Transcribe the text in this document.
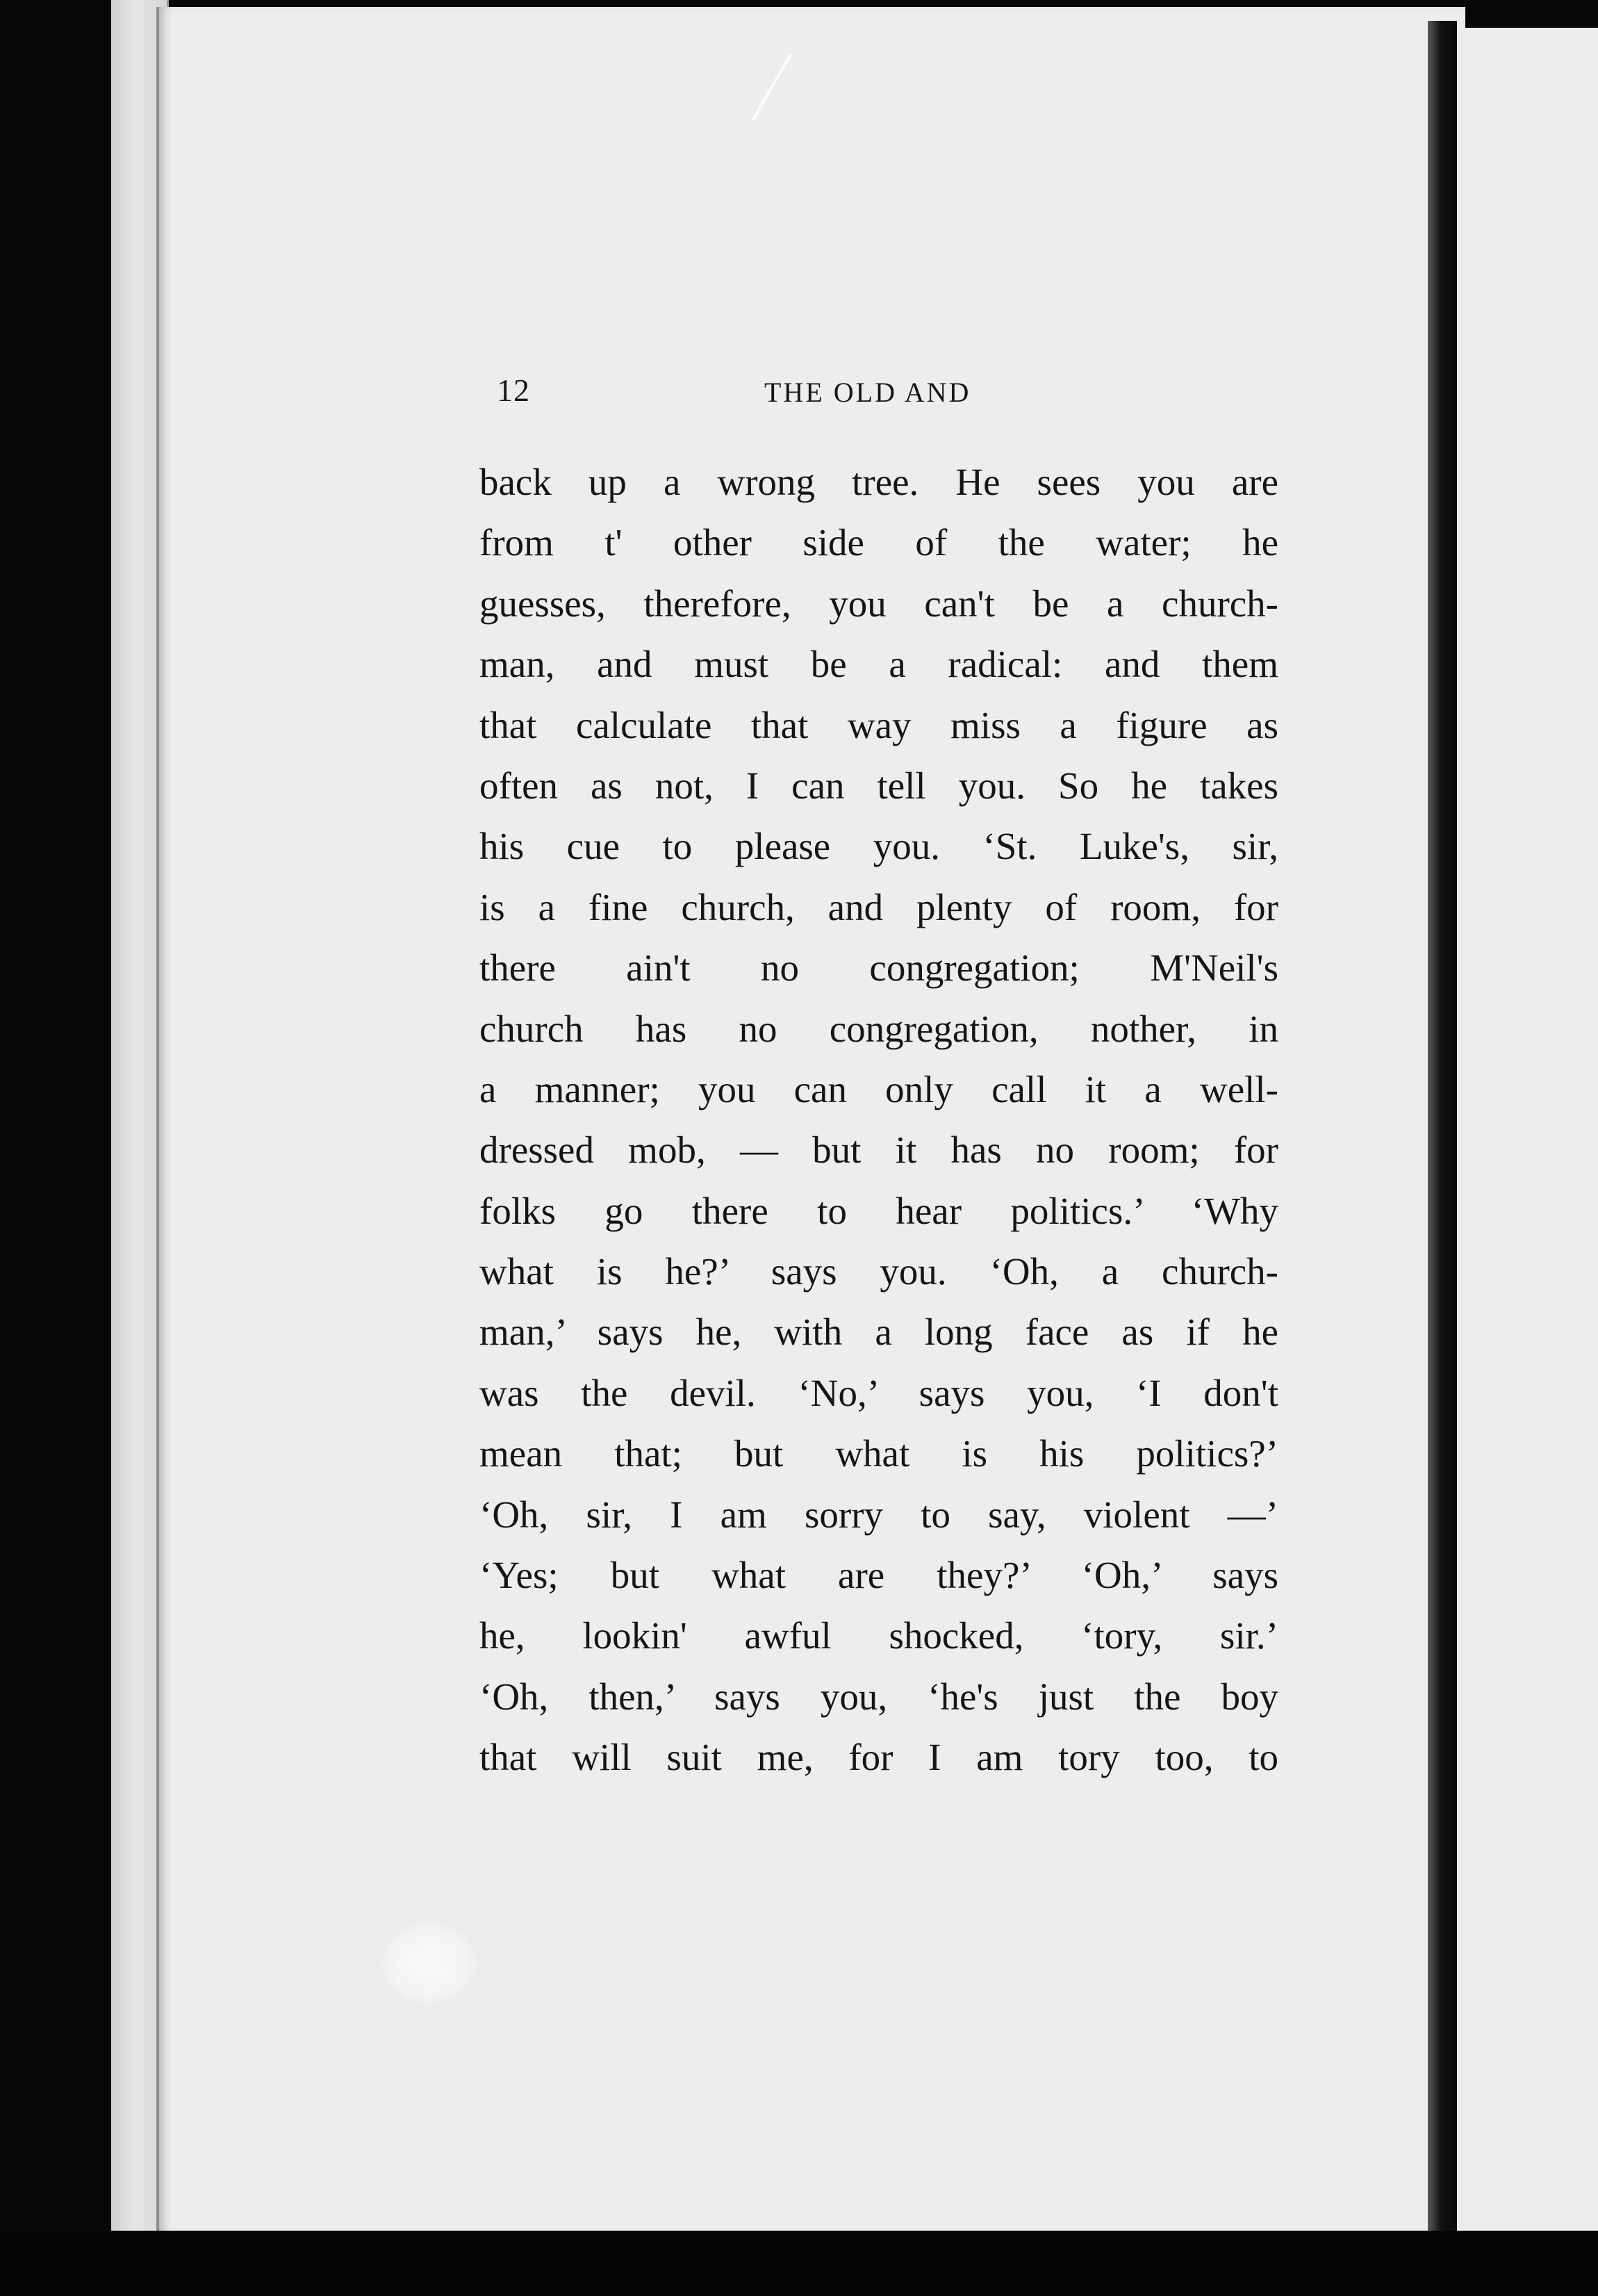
12	THE OLD AND
back up a wrong tree. He sees you are
from t' other side of the water; he
guesses, therefore, you can't be a church-
man, and must be a radical: and them
that calculate that way miss a figure as
often as not, I can tell you. So he takes
his cue to please you. ‘St. Luke's, sir,
is a fine church, and plenty of room, for
there ain't no congregation; M'Neil's
church has no congregation, nother, in
a manner; you can only call it a well-
dressed mob, — but it has no room; for
folks go there to hear politics.’ ‘Why
what is he?’ says you. ‘Oh, a church-
man,’ says he, with a long face as if he
was the devil. ‘No,’ says you, ‘I don't
mean that; but what is his politics?’
‘Oh, sir, I am sorry to say, violent —’
‘Yes; but what are they?’ ‘Oh,’ says
he, lookin' awful shocked, ‘tory, sir.’
‘Oh, then,’ says you, ‘he's just the boy
that will suit me, for I am tory too, to
